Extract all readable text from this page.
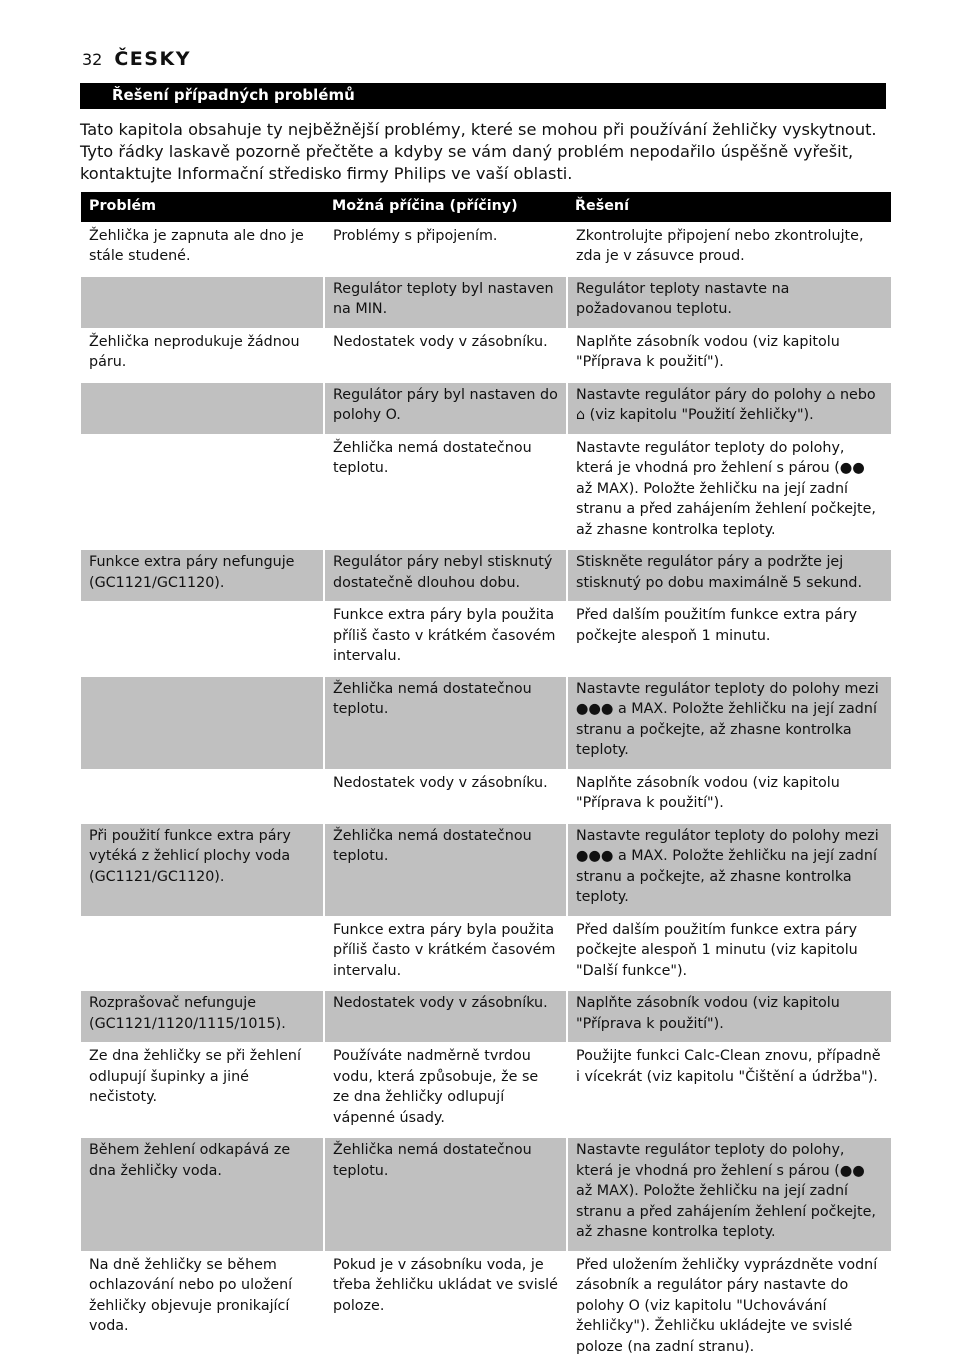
32 ČESKY
Řešení případných problémů

Tato kapitola obsahuje ty nejběžnější problémy, které se mohou při používání žehličky vyskytnout.

Tyto řádky laskavě pozorně přečtěte a kdyby se vám daný problém nepodařilo úspěšně vyřešit,

kontaktujte Informační středisko firmy Philips ve vaší oblasti.

Problém	Možná příčina (příčiny)	Řešení
Žehlička je zapnuta ale dno je stále studené.	Problémy s připojením.	Zkontrolujte připojení nebo zkontrolujte, zda je v zásuvce proud.
	Regulátor teploty byl nastaven na MIN.	Regulátor teploty nastavte na požadovanou teplotu.
Žehlička neprodukuje žádnou páru.	Nedostatek vody v zásobníku.	Naplňte zásobník vodou (viz kapitolu "Příprava k použití").
	Regulátor páry byl nastaven do polohy O.	Nastavte regulátor páry do polohy ⌂ nebo ⌂ (viz kapitolu "Použití žehličky").
	Žehlička nemá dostatečnou teplotu.	Nastavte regulátor teploty do polohy, která je vhodná pro žehlení s párou (●● až MAX). Položte žehličku na její zadní stranu a před zahájením žehlení počkejte, až zhasne kontrolka teploty.
Funkce extra páry nefunguje (GC1121/GC1120).	Regulátor páry nebyl stisknutý dostatečně dlouhou dobu.	Stiskněte regulátor páry a podržte jej stisknutý po dobu maximálně 5 sekund.
	Funkce extra páry byla použita příliš často v krátkém časovém intervalu.	Před dalším použitím funkce extra páry počkejte alespoň 1 minutu.
	Žehlička nemá dostatečnou teplotu.	Nastavte regulátor teploty do polohy mezi ●●● a MAX. Položte žehličku na její zadní stranu a počkejte, až zhasne kontrolka teploty.
	Nedostatek vody v zásobníku.	Naplňte zásobník vodou (viz kapitolu "Příprava k použití").
Při použití funkce extra páry vytéká z žehlicí plochy voda (GC1121/GC1120).	Žehlička nemá dostatečnou teplotu.	Nastavte regulátor teploty do polohy mezi ●●● a MAX. Položte žehličku na její zadní stranu a počkejte, až zhasne kontrolka teploty.
	Funkce extra páry byla použita příliš často v krátkém časovém intervalu.	Před dalším použitím funkce extra páry počkejte alespoň 1 minutu (viz kapitolu "Další funkce").
Rozprašovač nefunguje (GC1121/1120/1115/1015).	Nedostatek vody v zásobníku.	Naplňte zásobník vodou (viz kapitolu "Příprava k použití").
Ze dna žehličky se při žehlení odlupují šupinky a jiné nečistoty.	Používáte nadměrně tvrdou vodu, která způsobuje, že se ze dna žehličky odlupují vápenné úsady.	Použijte funkci Calc-Clean znovu, případně i vícekrát (viz kapitolu "Čištění a údržba").
Během žehlení odkapává ze dna žehličky voda.	Žehlička nemá dostatečnou teplotu.	Nastavte regulátor teploty do polohy, která je vhodná pro žehlení s párou (●● až MAX). Položte žehličku na její zadní stranu a před zahájením žehlení počkejte, až zhasne kontrolka teploty.
Na dně žehličky se během ochlazování nebo po uložení žehličky objevuje pronikající voda.	Pokud je v zásobníku voda, je třeba žehličku ukládat ve svislé poloze.	Před uložením žehličky vyprázdněte vodní zásobník a regulátor páry nastavte do polohy O (viz kapitolu "Uchovávání žehličky"). Žehličku ukládejte ve svislé poloze (na zadní stranu).
